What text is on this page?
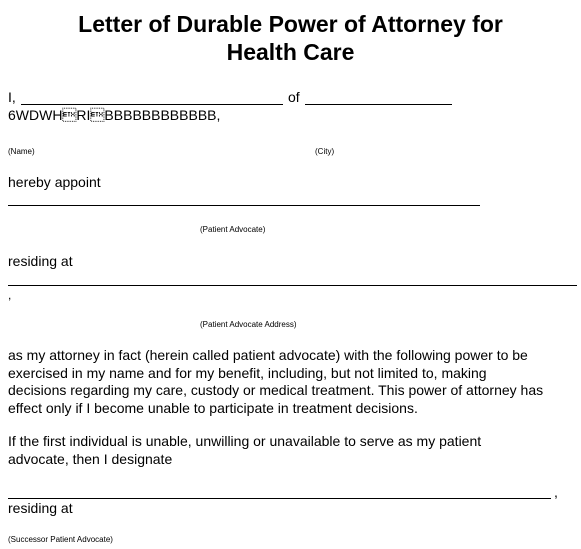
Letter of Durable Power of Attorney for
Health Care
I,	of
6WDWHRIBBBBBBBBBBBB,
(Name)	(City)
hereby appoint
(Patient Advocate)
residing at
,
(Patient Advocate Address)
as my attorney in fact (herein called patient advocate) with the following power to be
exercised in my name and for my benefit, including, but not limited to, making
decisions regarding my care, custody or medical treatment. This power of attorney has
effect only if I become unable to participate in treatment decisions.
If the first individual is unable, unwilling or unavailable to serve as my patient
advocate, then I designate
,
residing at
(Successor Patient Advocate)
